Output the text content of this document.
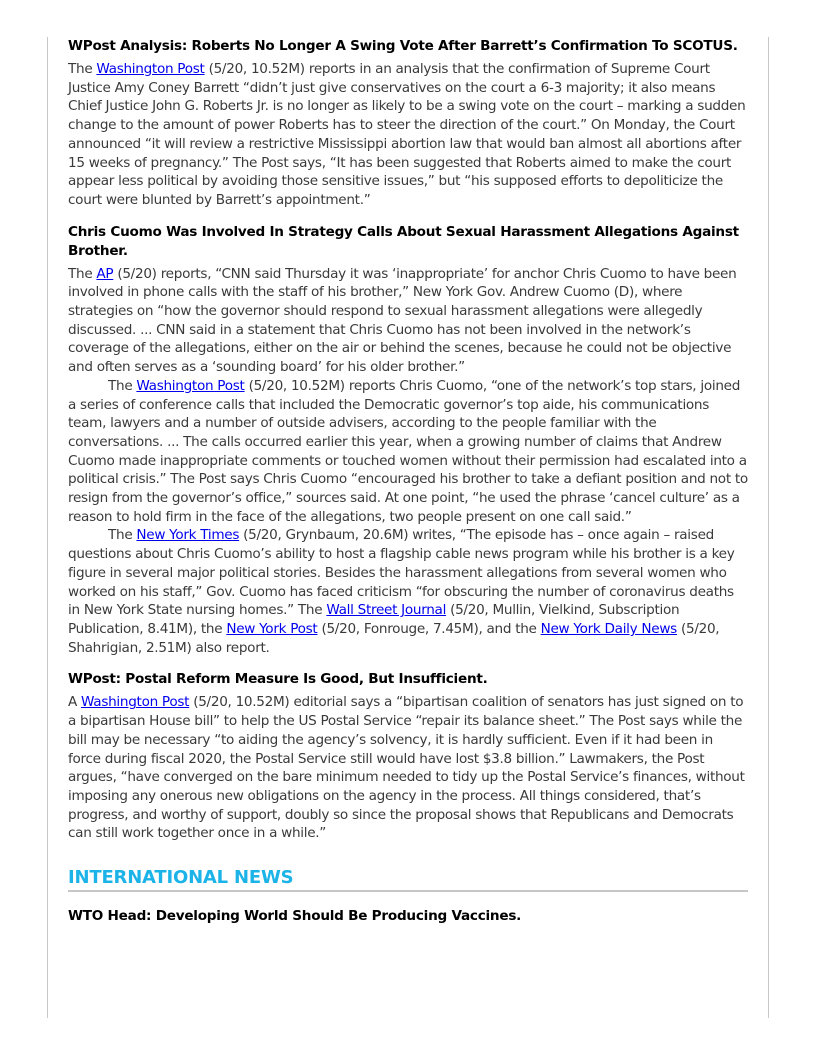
WPost Analysis: Roberts No Longer A Swing Vote After Barrett’s Confirmation To SCOTUS.

The Washington Post (5/20, 10.52M) reports in an analysis that the confirmation of Supreme Court Justice Amy Coney Barrett “didn’t just give conservatives on the court a 6-3 majority; it also means Chief Justice John G. Roberts Jr. is no longer as likely to be a swing vote on the court – marking a sudden change to the amount of power Roberts has to steer the direction of the court.” On Monday, the Court announced “it will review a restrictive Mississippi abortion law that would ban almost all abortions after 15 weeks of pregnancy.” The Post says, “It has been suggested that Roberts aimed to make the court appear less political by avoiding those sensitive issues,” but “his supposed efforts to depoliticize the court were blunted by Barrett’s appointment.”

Chris Cuomo Was Involved In Strategy Calls About Sexual Harassment Allegations Against Brother.

The AP (5/20) reports, “CNN said Thursday it was ‘inappropriate’ for anchor Chris Cuomo to have been involved in phone calls with the staff of his brother,” New York Gov. Andrew Cuomo (D), where strategies on “how the governor should respond to sexual harassment allegations were allegedly discussed. ... CNN said in a statement that Chris Cuomo has not been involved in the network’s coverage of the allegations, either on the air or behind the scenes, because he could not be objective and often serves as a ‘sounding board’ for his older brother.”

The Washington Post (5/20, 10.52M) reports Chris Cuomo, “one of the network’s top stars, joined a series of conference calls that included the Democratic governor’s top aide, his communications team, lawyers and a number of outside advisers, according to the people familiar with the conversations. ... The calls occurred earlier this year, when a growing number of claims that Andrew Cuomo made inappropriate comments or touched women without their permission had escalated into a political crisis.” The Post says Chris Cuomo “encouraged his brother to take a defiant position and not to resign from the governor’s office,” sources said. At one point, “he used the phrase ‘cancel culture’ as a reason to hold firm in the face of the allegations, two people present on one call said.”

The New York Times (5/20, Grynbaum, 20.6M) writes, “The episode has – once again – raised questions about Chris Cuomo’s ability to host a flagship cable news program while his brother is a key figure in several major political stories. Besides the harassment allegations from several women who worked on his staff,” Gov. Cuomo has faced criticism “for obscuring the number of coronavirus deaths in New York State nursing homes.” The Wall Street Journal (5/20, Mullin, Vielkind, Subscription Publication, 8.41M), the New York Post (5/20, Fonrouge, 7.45M), and the New York Daily News (5/20, Shahrigian, 2.51M) also report.

WPost: Postal Reform Measure Is Good, But Insufficient.

A Washington Post (5/20, 10.52M) editorial says a “bipartisan coalition of senators has just signed on to a bipartisan House bill” to help the US Postal Service “repair its balance sheet.” The Post says while the bill may be necessary “to aiding the agency’s solvency, it is hardly sufficient. Even if it had been in force during fiscal 2020, the Postal Service still would have lost $3.8 billion.” Lawmakers, the Post argues, “have converged on the bare minimum needed to tidy up the Postal Service’s finances, without imposing any onerous new obligations on the agency in the process. All things considered, that’s progress, and worthy of support, doubly so since the proposal shows that Republicans and Democrats can still work together once in a while.”

INTERNATIONAL NEWS
WTO Head: Developing World Should Be Producing Vaccines.
